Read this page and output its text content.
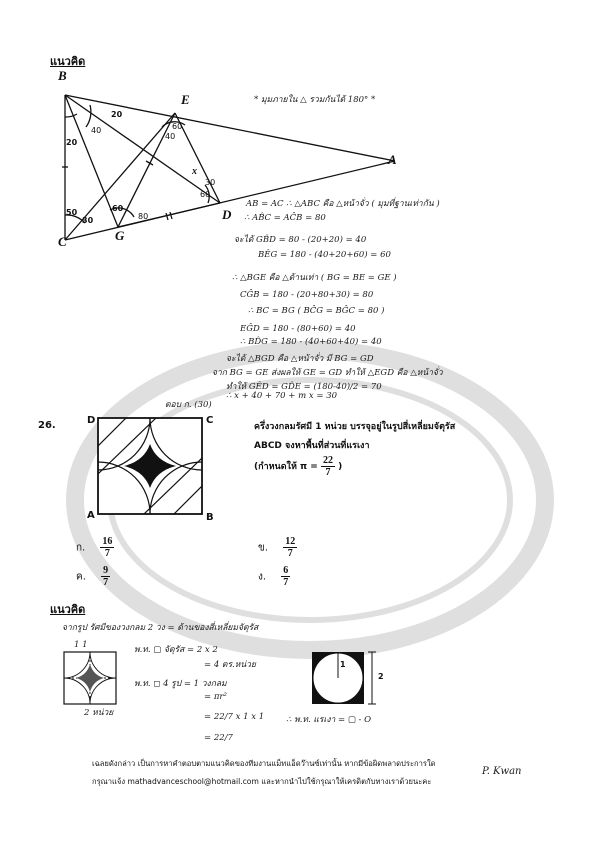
แนวคิด
B
E
A
C	G
D
x
20
40
20
50
30
60
60
40
60
30
80
* มุมภายใน △ รวมกันได้ 180° *
AB = AC ∴ △ABC คือ △หน้าจั่ว ( มุมที่ฐานเท่ากัน )
∴ AB̂C = AĈB = 80
จะได้ GB̂D = 80 - (20+20) = 40
BÊG = 180 - (40+20+60) = 60
∴ △BGE คือ △ด้านเท่า ( BG = BE = GE )
CĜB = 180 - (20+80+30) = 80
∴ BC = BG ( BĈG = BĜC = 80 )
EĜD = 180 - (80+60) = 40
∴ BD̂G = 180 - (40+60+40) = 40
จะได้ △BGD คือ △หน้าจั่ว มี BG = GD
จาก BG = GE ส่งผลให้ GE = GD ทำให้ △EGD คือ △หน้าจั่ว
ทำให้ GÊD = GD̂E = (180-40)/2 = 70
∴ x + 40 + 70 + m x = 30
ตอบ ก. (30)
26.	D	C
A	B
ครึ่งวงกลมรัศมี 1 หน่วย บรรจุอยู่ในรูปสี่เหลี่ยมจัตุรัส
ABCD จงหาพื้นที่ส่วนที่แรเงา
(กำหนดให้ $\pi = \frac{22}{7}$ )
ก. $\frac{16}{7}$	ข. $\frac{12}{7}$
ค. $\frac{9}{7}$	ง. $\frac{6}{7}$
แนวคิด
จากรูป รัศมีของวงกลม 2 วง = ด้านของสี่เหลี่ยมจัตุรัส
1 1
2 หน่วย
พ.ท. ▢ จัตุรัส = 2 x 2
= 4 ตร.หน่วย
พ.ท. ◻ 4 รูป = 1 วงกลม
= πr²
= 22/7 x 1 x 1
= 22/7
1
2
∴ พ.ท. แรเงา = ▢ - O
เฉลยดังกล่าว เป็นการหาคำตอบตามแนวคิดของทีมงานแม็ทแอ็ดว๊านซ์เท่านั้น หากมีข้อผิดพลาดประการใด
กรุณาแจ้ง mathadvanceschool@hotmail.com และหากนำไปใช้กรุณาให้เครดิตกับทางเราด้วยนะคะ
P. Kwan
